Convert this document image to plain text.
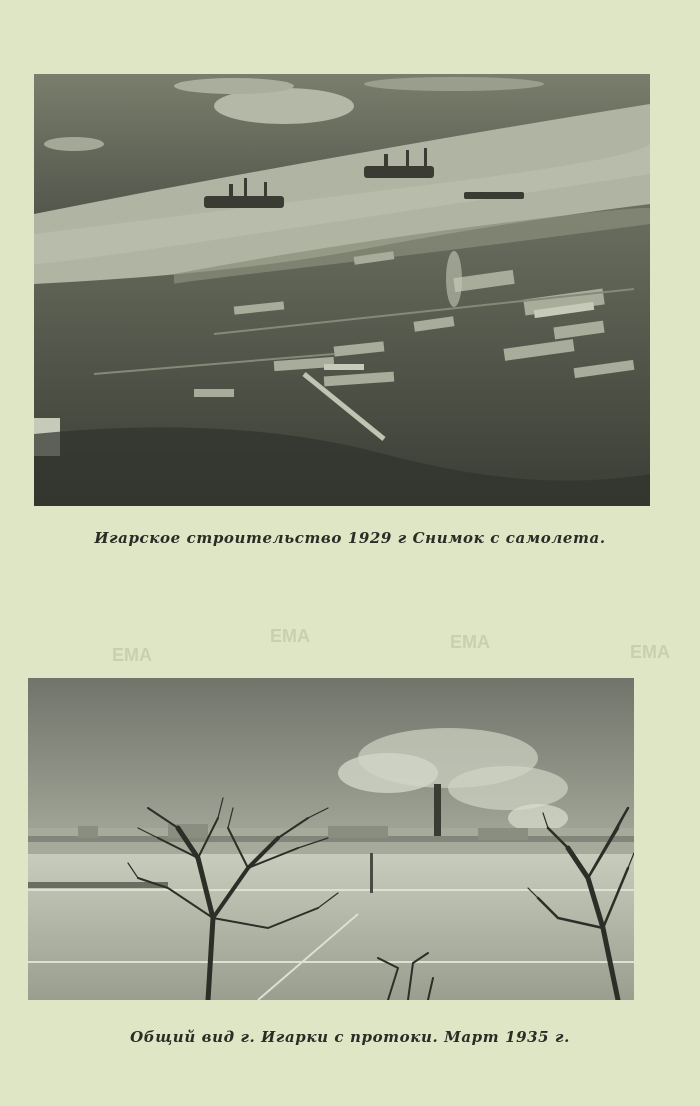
ЕМА	ЕМА
ЕМА	ЕМА
Игарское строительство 1929 г Снимок с самолета.
Общий вид г. Игарки с протоки. Март 1935 г.
